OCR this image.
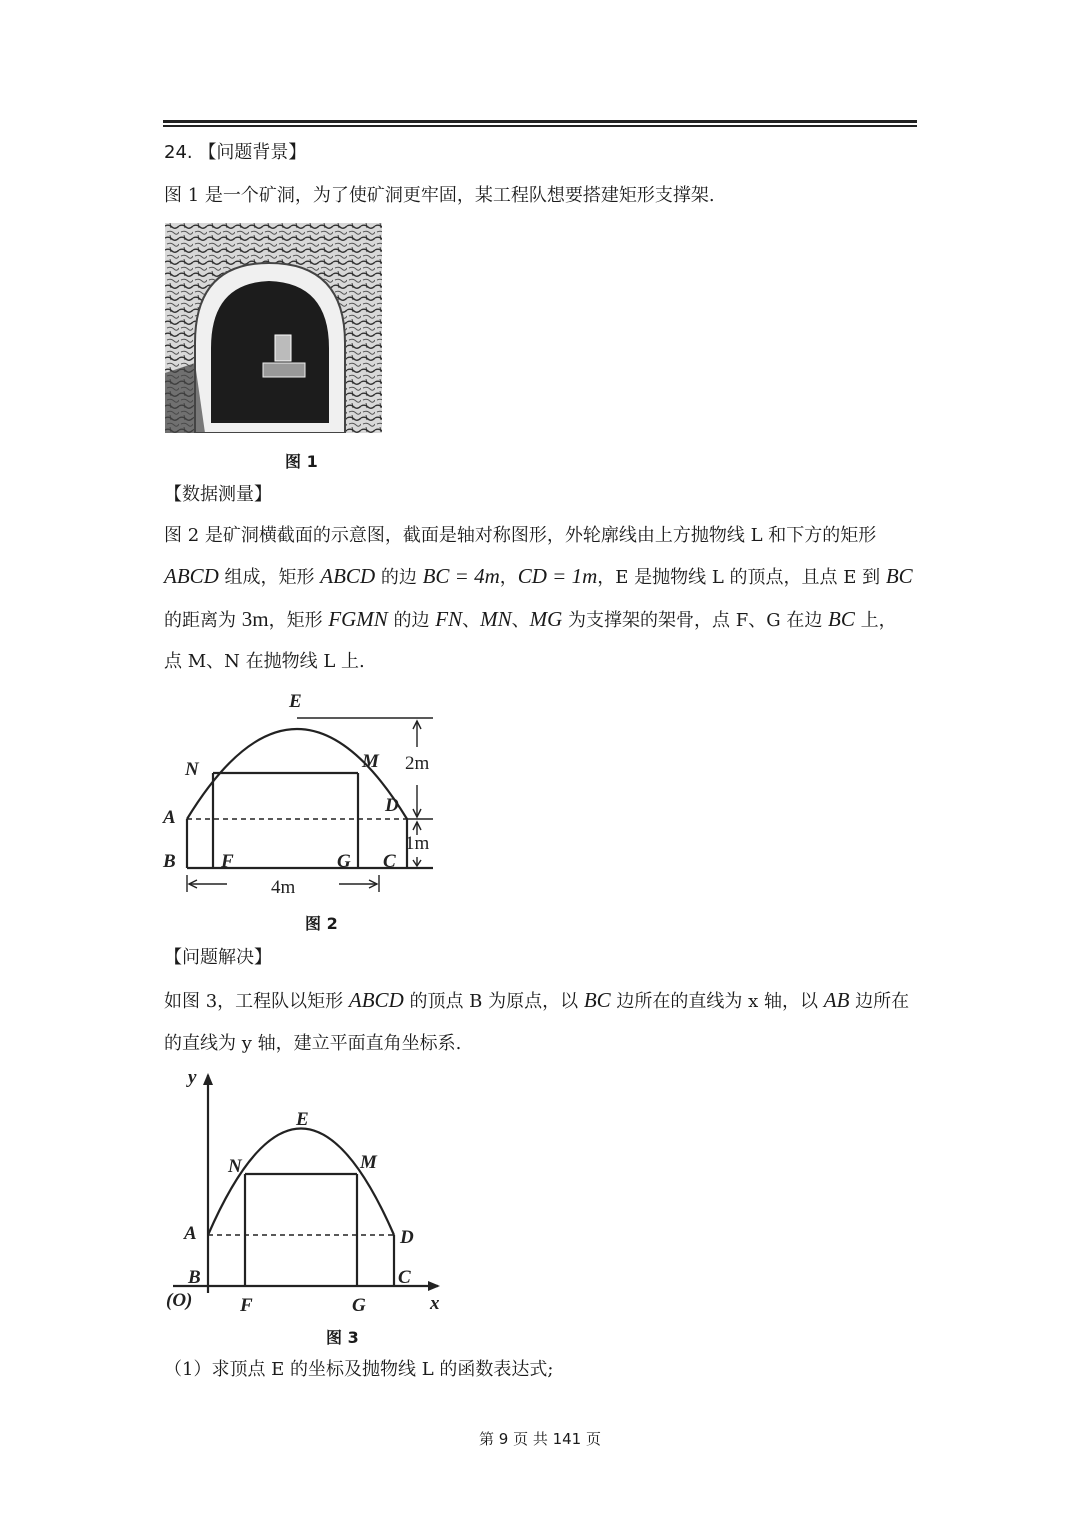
24. 【问题背景】
图 1 是一个矿洞，为了使矿洞更牢固，某工程队想要搭建矩形支撑架.
图 1
【数据测量】
图 2 是矿洞横截面的示意图，截面是轴对称图形，外轮廓线由上方抛物线 L 和下方的矩形
ABCD 组成，矩形 ABCD 的边 BC = 4m，CD = 1m，E 是抛物线 L 的顶点，且点 E 到 BC
的距离为 3m，矩形 FGMN 的边 FN、MN、MG 为支撑架的架骨，点 F、G 在边 BC 上，
点 M、N 在抛物线 L 上.
E
N	M
A
D
B F	G C
2m
1m
4m
图 2
【问题解决】
如图 3，工程队以矩形 ABCD 的顶点 B 为原点，以 BC 边所在的直线为 x 轴，以 AB 边所在
的直线为 y 轴，建立平面直角坐标系.
y
x
E
N	M
A	D
B
(O)	F	G
C
图 3
（1）求顶点 E 的坐标及抛物线 L 的函数表达式;
第 9 页 共 141 页
